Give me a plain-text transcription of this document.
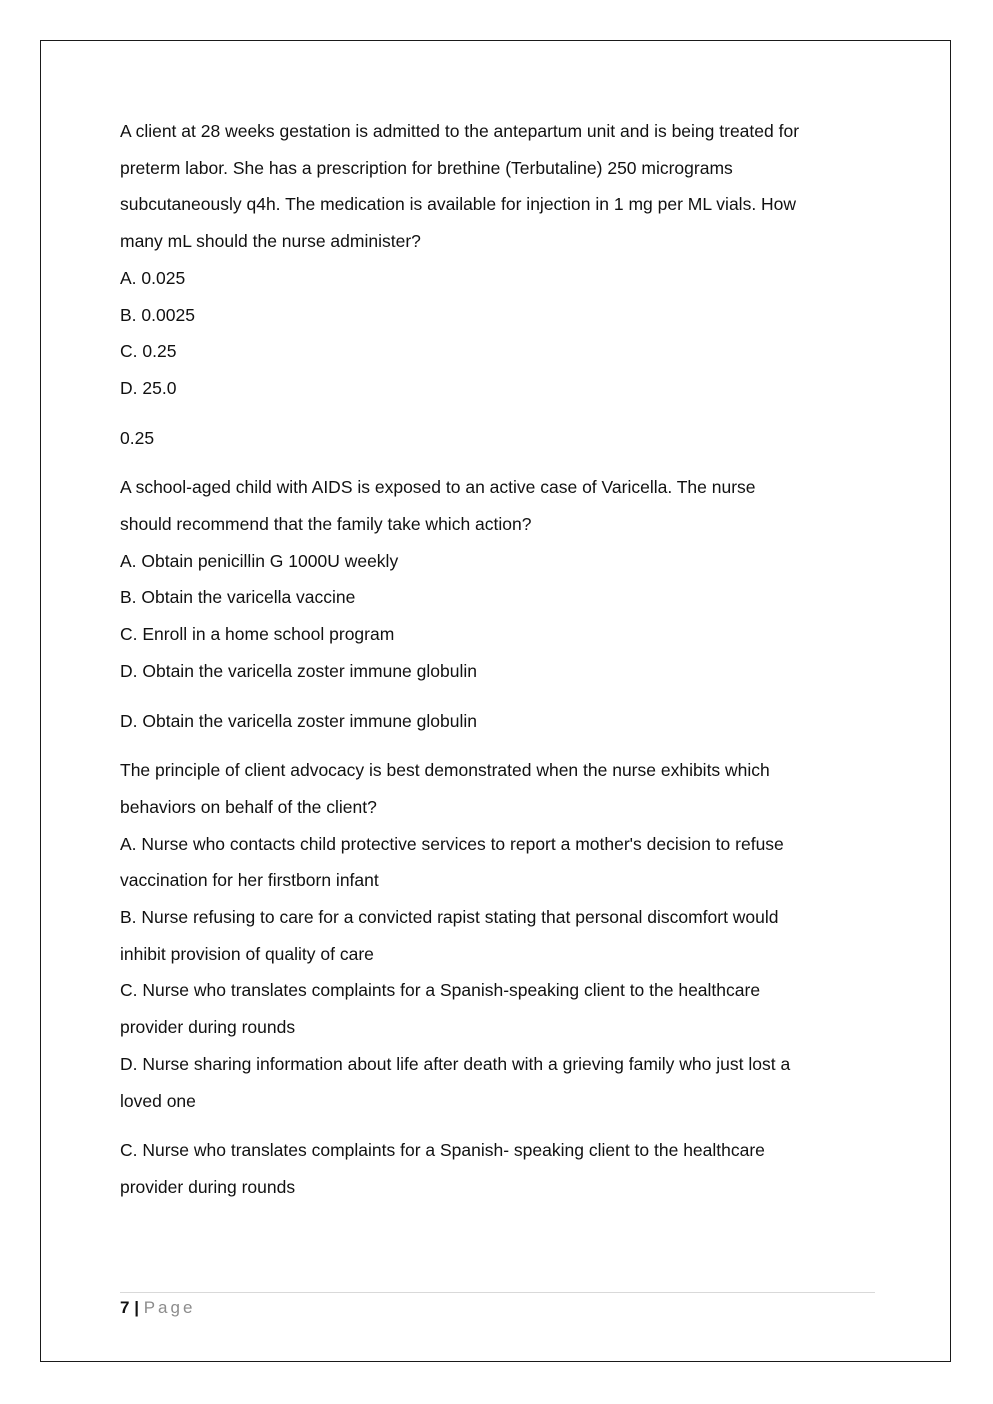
A client at 28 weeks gestation is admitted to the antepartum unit and is being treated for

preterm labor. She has a prescription for brethine (Terbutaline) 250 micrograms

subcutaneously q4h. The medication is available for injection in 1 mg per ML vials. How

many mL should the nurse administer?

A. 0.025

B. 0.0025

C. 0.25

D. 25.0

0.25

A school-aged child with AIDS is exposed to an active case of Varicella. The nurse

should recommend that the family take which action?

A. Obtain penicillin G 1000U weekly

B. Obtain the varicella vaccine

C. Enroll in a home school program

D. Obtain the varicella zoster immune globulin

D. Obtain the varicella zoster immune globulin

The principle of client advocacy is best demonstrated when the nurse exhibits which

behaviors on behalf of the client?

A. Nurse who contacts child protective services to report a mother's decision to refuse

vaccination for her firstborn infant

B. Nurse refusing to care for a convicted rapist stating that personal discomfort would

inhibit provision of quality of care

C. Nurse who translates complaints for a Spanish-speaking client to the healthcare

provider during rounds

D. Nurse sharing information about life after death with a grieving family who just lost a

loved one

C. Nurse who translates complaints for a Spanish- speaking client to the healthcare

provider during rounds

7 | Page
